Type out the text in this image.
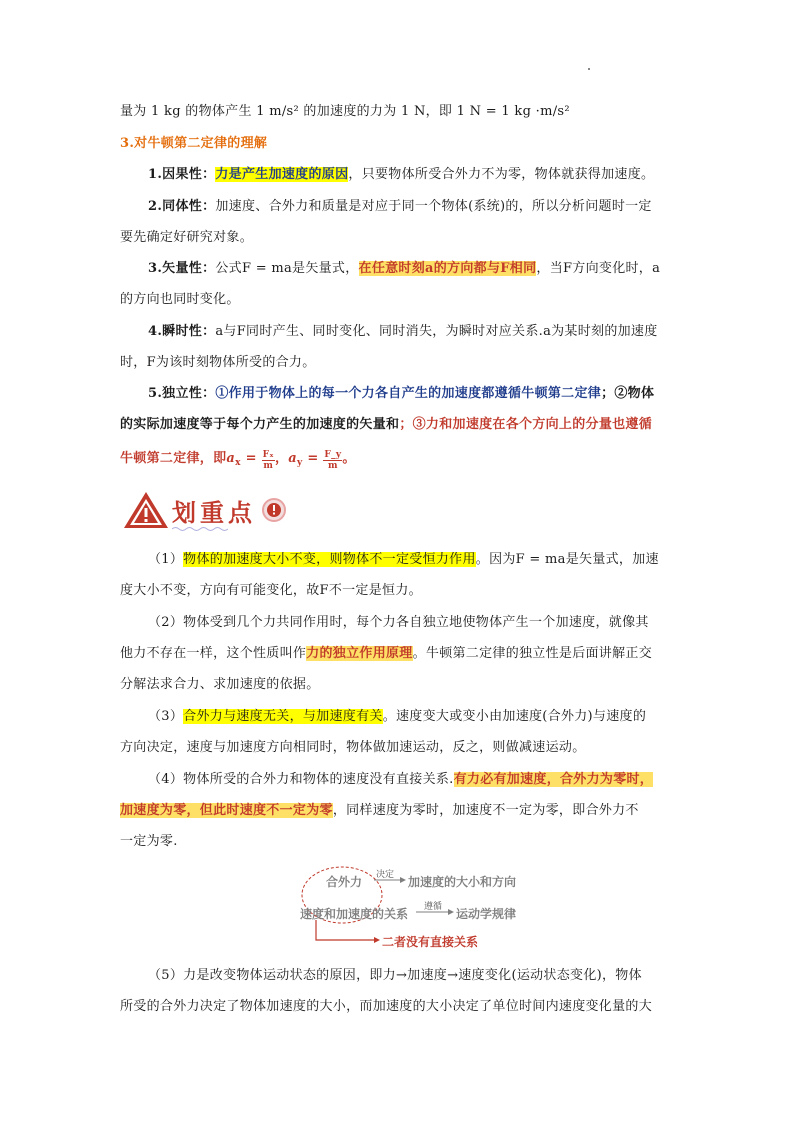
量为 1 kg 的物体产生 1 m/s² 的加速度的力为 1 N，即 1 N = 1 kg ·m/s²
3.对牛顿第二定律的理解
1.因果性：力是产生加速度的原因，只要物体所受合外力不为零，物体就获得加速度。
2.同体性：加速度、合外力和质量是对应于同一个物体(系统)的，所以分析问题时一定
要先确定好研究对象。
3.矢量性：公式F = ma是矢量式，在任意时刻a的方向都与F相同，当F方向变化时，a
的方向也同时变化。
4.瞬时性：a与F同时产生、同时变化、同时消失，为瞬时对应关系.a为某时刻的加速度
时，F为该时刻物体所受的合力。
5.独立性：①作用于物体上的每一个力各自产生的加速度都遵循牛顿第二定律；②物体
的实际加速度等于每个力产生的加速度的矢量和；③力和加速度在各个方向上的分量也遵循
牛顿第二定律，即$a_x = \frac{\text{Fₓ}}{m}$ ，$a_y = \frac{F\_y}{m}$ 。
划重点
（1）物体的加速度大小不变，则物体不一定受恒力作用。因为F = ma是矢量式，加速
度大小不变，方向有可能变化，故F不一定是恒力。
（2）物体受到几个力共同作用时，每个力各自独立地使物体产生一个加速度，就像其
他力不存在一样，这个性质叫作力的独立作用原理。牛顿第二定律的独立性是后面讲解正交
分解法求合力、求加速度的依据。
（3）合外力与速度无关，与加速度有关。速度变大或变小由加速度(合外力)与速度的
方向决定，速度与加速度方向相同时，物体做加速运动，反之，则做减速运动。
（4）物体所受的合外力和物体的速度没有直接关系.有力必有加速度，合外力为零时，
加速度为零，但此时速度不一定为零，同样速度为零时，加速度不一定为零，即合外力不
一定为零.
合外力 决定 加速度的大小和方向
速度和加速度的关系 遵循 运动学规律
二者没有直接关系
（5）力是改变物体运动状态的原因，即力→加速度→速度变化(运动状态变化)，物体
所受的合外力决定了物体加速度的大小，而加速度的大小决定了单位时间内速度变化量的大
